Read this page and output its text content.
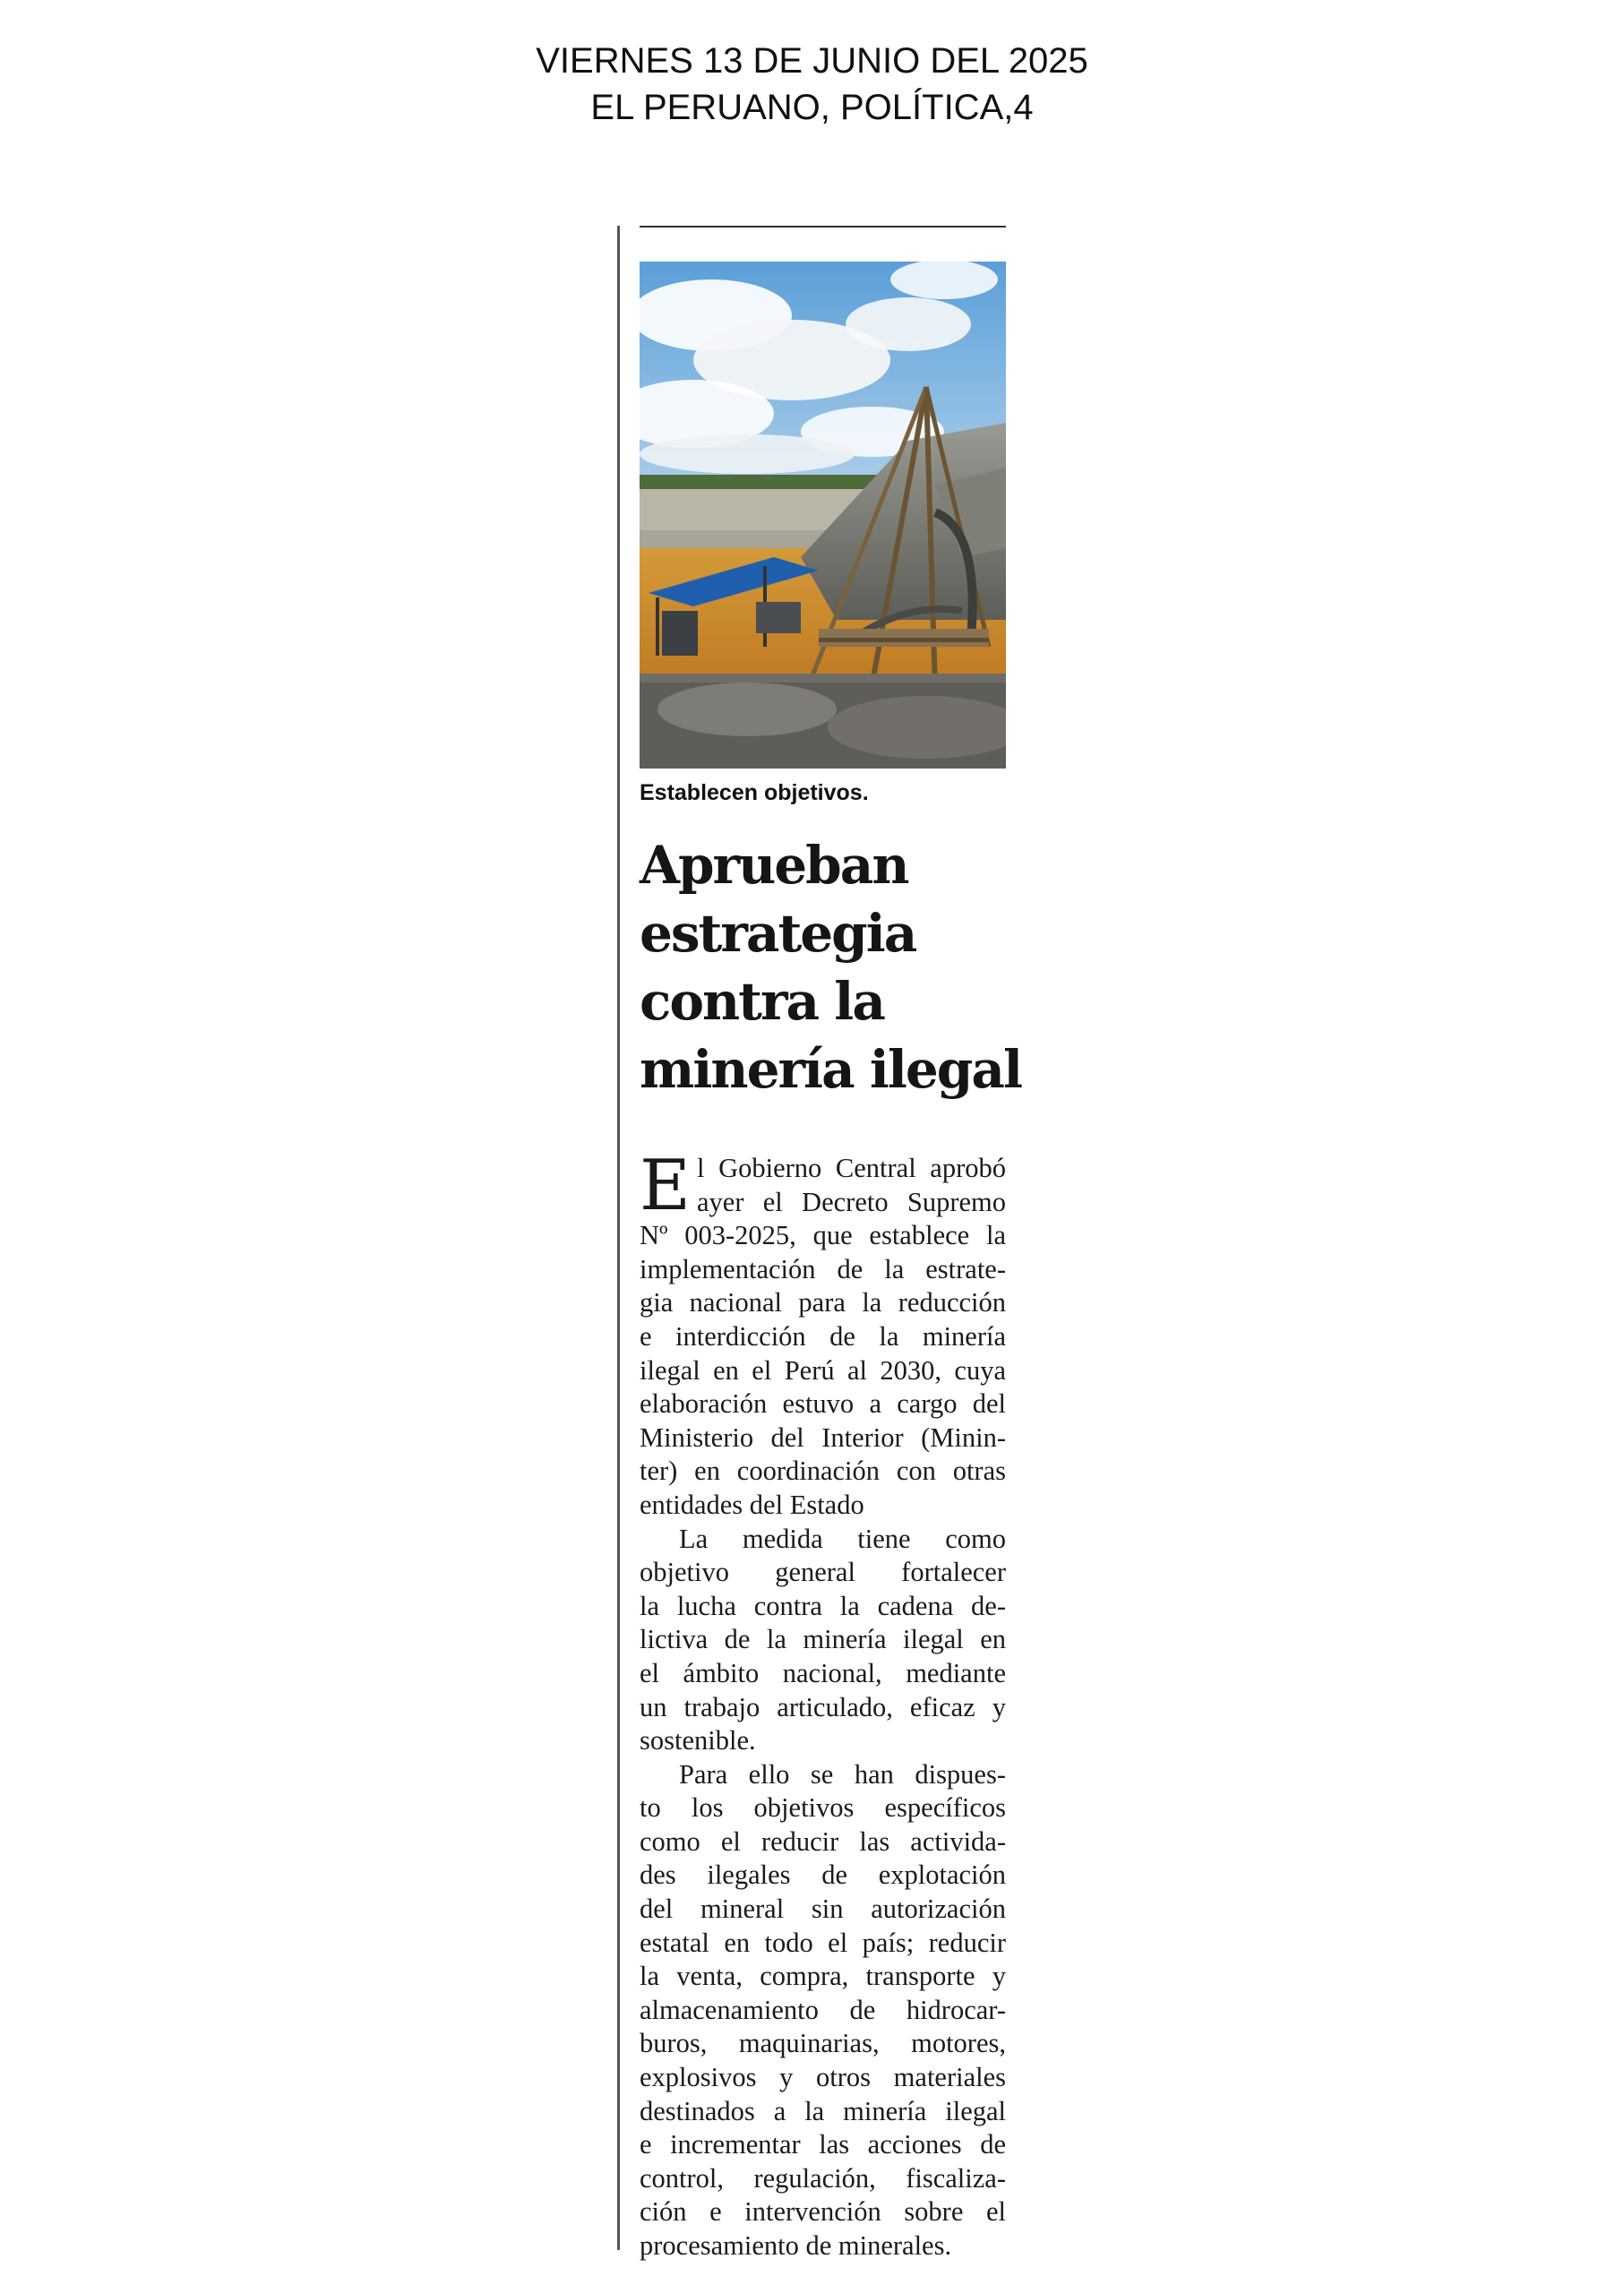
VIERNES 13 DE JUNIO DEL 2025
EL PERUANO, POLÍTICA,4
Establecen objetivos.
Aprueban
estrategia
contra la
minería ilegal
E l Gobierno Central aprobó
ayer el Decreto Supremo
Nº 003-2025, que establece la
implementación de la estrate-
gia nacional para la reducción
e interdicción de la minería
ilegal en el Perú al 2030, cuya
elaboración estuvo a cargo del
Ministerio del Interior (Minin-
ter) en coordinación con otras
entidades del Estado
La medida tiene como
objetivo general fortalecer
la lucha contra la cadena de-
lictiva de la minería ilegal en
el ámbito nacional, mediante
un trabajo articulado, eficaz y
sostenible.
Para ello se han dispues-
to los objetivos específicos
como el reducir las activida-
des ilegales de explotación
del mineral sin autorización
estatal en todo el país; reducir
la venta, compra, transporte y
almacenamiento de hidrocar-
buros, maquinarias, motores,
explosivos y otros materiales
destinados a la minería ilegal
e incrementar las acciones de
control, regulación, fiscaliza-
ción e intervención sobre el
procesamiento de minerales.
